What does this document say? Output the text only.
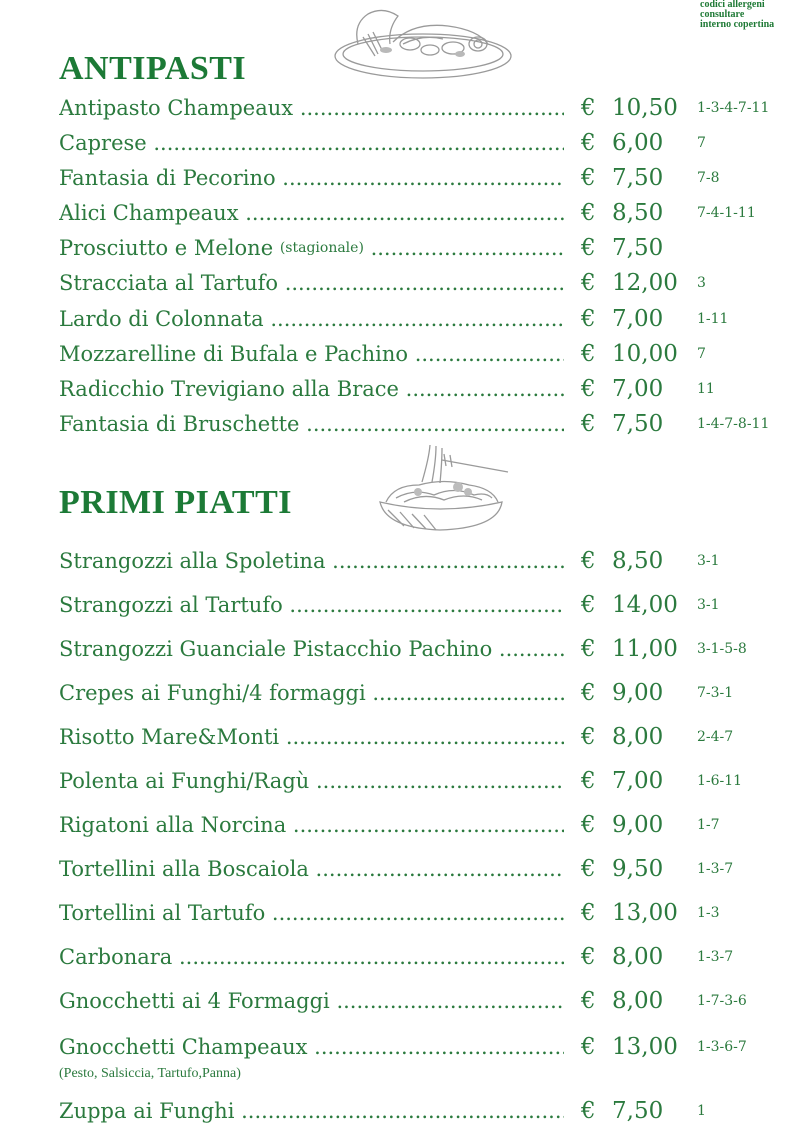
codici allergeni
consultare
interno copertina
ANTIPASTI
Antipasto Champeaux .....	€ 10,50 1-3-4-7-11
Caprese .....	€ 6,00 7
Fantasia di Pecorino .....	€ 7,50 7-8
Alici Champeaux .....	€ 8,50 7-4-1-11
Prosciutto e Melone $^{(stagionale)}$ .....	€ 7,50
Stracciata al Tartufo .....	€ 12,00 3
Lardo di Colonnata .....	€ 7,00 1-11
Mozzarelline di Bufala e Pachino .....	€ 10,00 7
Radicchio Trevigiano alla Brace .....	€ 7,00 11
Fantasia di Bruschette .....	€ 7,50 1-4-7-8-11
PRIMI PIATTI
Strangozzi alla Spoletina .....	€ 8,50 3-1
Strangozzi al Tartufo .....	€ 14,00 3-1
Strangozzi Guanciale Pistacchio Pachino .....	€ 11,00 3-1-5-8
Crepes ai Funghi/4 formaggi .....	€ 9,00 7-3-1
Risotto Mare&Monti .....	€ 8,00 2-4-7
Polenta ai Funghi/Ragù .....	€ 7,00 1-6-11
Rigatoni alla Norcina .....	€ 9,00 1-7
Tortellini alla Boscaiola .....	€ 9,50 1-3-7
Tortellini al Tartufo .....	€ 13,00 1-3
Carbonara .....	€ 8,00 1-3-7
Gnocchetti ai 4 Formaggi .....	€ 8,00 1-7-3-6
Gnocchetti Champeaux .....	€ 13,00 1-3-6-7
(Pesto, Salsiccia, Tartufo,Panna)
Zuppa ai Funghi .....	€ 7,50 1
